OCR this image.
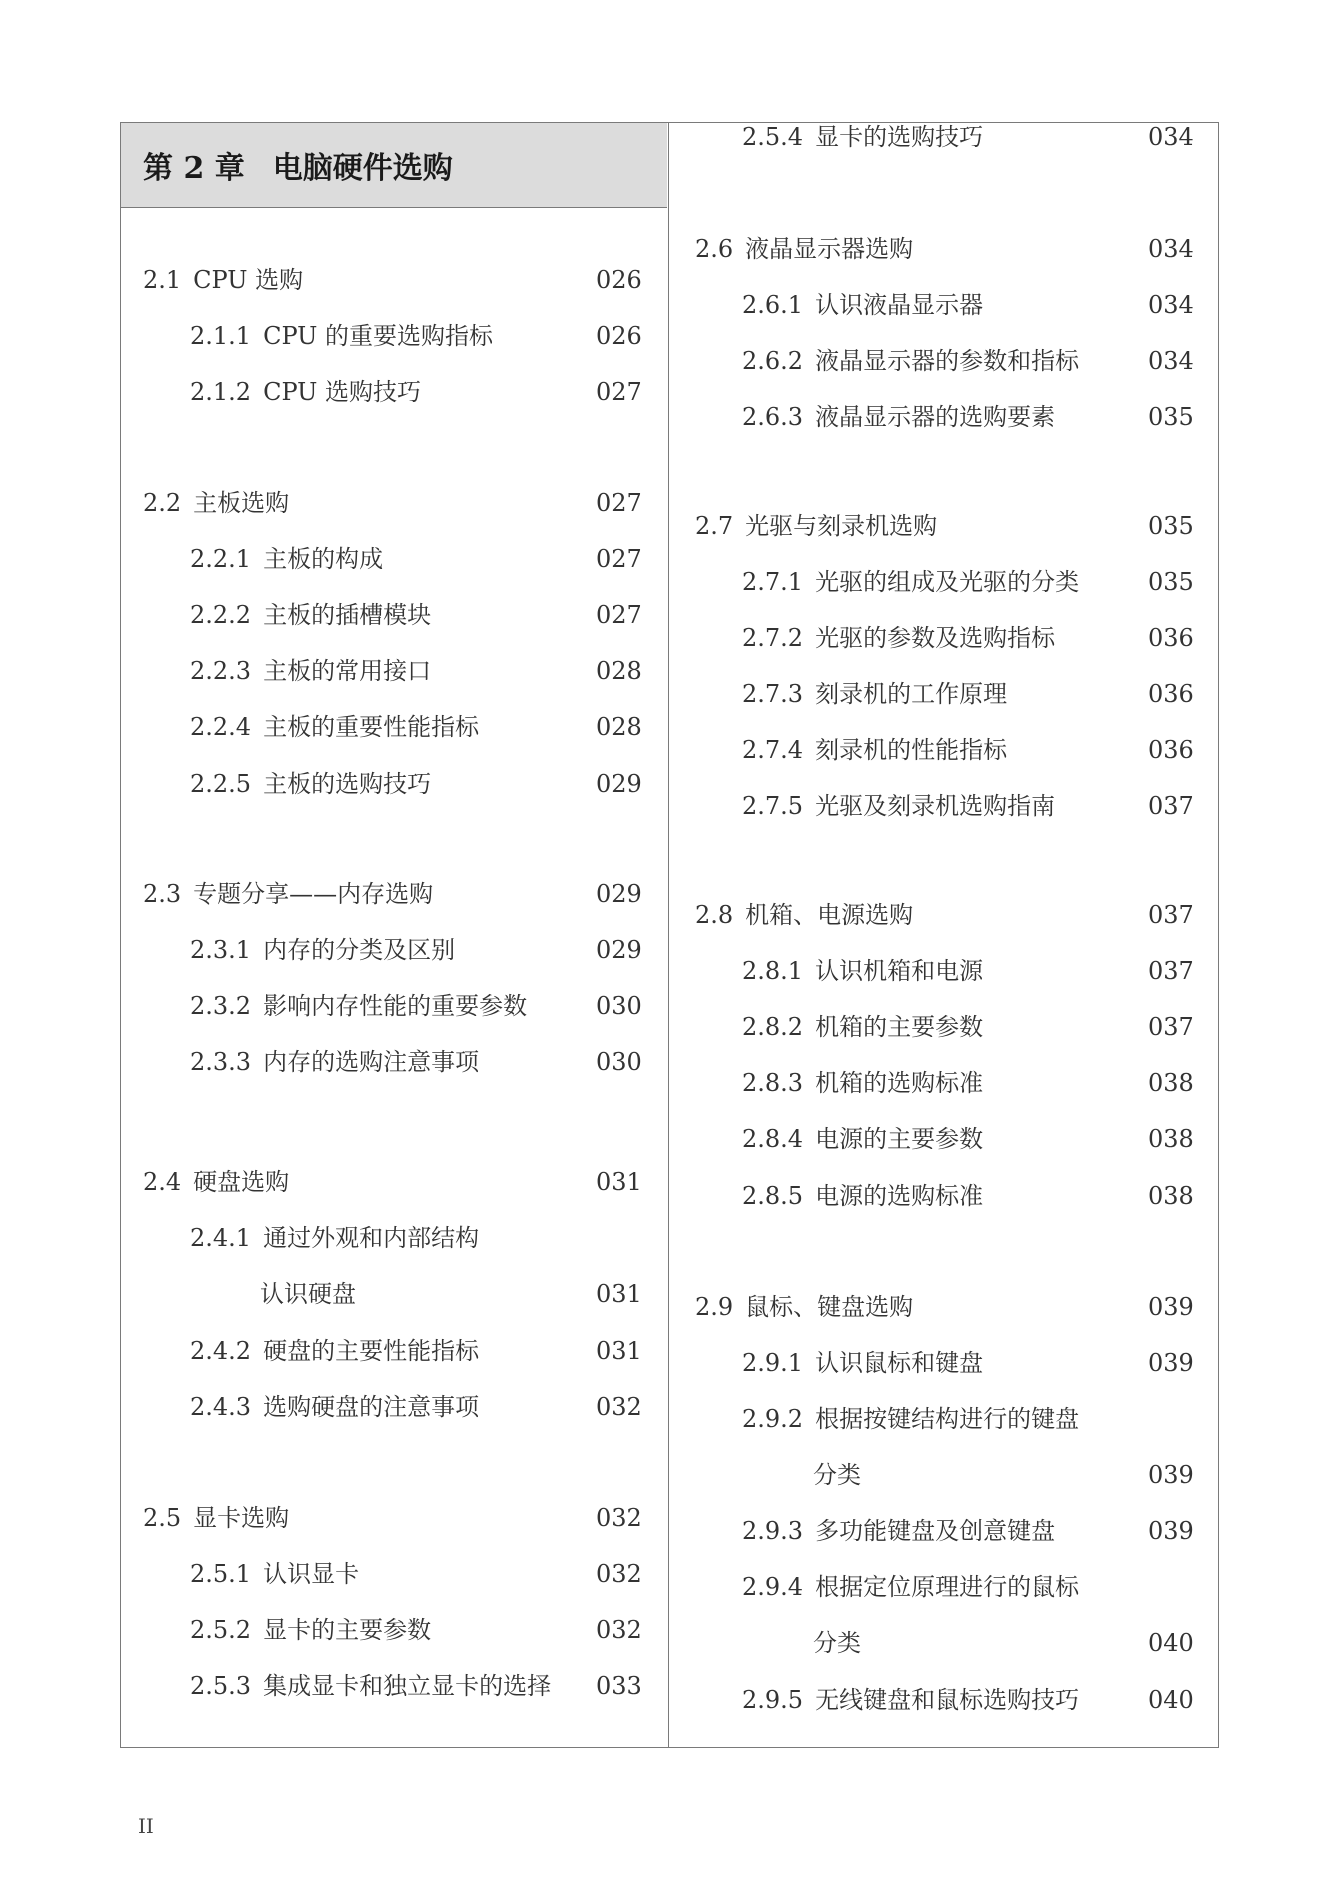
第 2 章 电脑硬件选购
2.1 CPU 选购	026
2.1.1 CPU 的重要选购指标	026
2.1.2 CPU 选购技巧	027
2.2 主板选购	027
2.2.1 主板的构成	027
2.2.2 主板的插槽模块	027
2.2.3 主板的常用接口	028
2.2.4 主板的重要性能指标	028
2.2.5 主板的选购技巧	029
2.3 专题分享——内存选购	029
2.3.1 内存的分类及区别	029
2.3.2 影响内存性能的重要参数	030
2.3.3 内存的选购注意事项	030
2.4 硬盘选购	031
2.4.1 通过外观和内部结构
认识硬盘	031
2.4.2 硬盘的主要性能指标	031
2.4.3 选购硬盘的注意事项	032
2.5 显卡选购	032
2.5.1 认识显卡	032
2.5.2 显卡的主要参数	032
2.5.3 集成显卡和独立显卡的选择 033
2.5.4 显卡的选购技巧	034
2.6 液晶显示器选购	034
2.6.1 认识液晶显示器	034
2.6.2 液晶显示器的参数和指标	034
2.6.3 液晶显示器的选购要素	035
2.7 光驱与刻录机选购	035
2.7.1 光驱的组成及光驱的分类	035
2.7.2 光驱的参数及选购指标	036
2.7.3 刻录机的工作原理	036
2.7.4 刻录机的性能指标	036
2.7.5 光驱及刻录机选购指南	037
2.8 机箱、电源选购	037
2.8.1 认识机箱和电源	037
2.8.2 机箱的主要参数	037
2.8.3 机箱的选购标准	038
2.8.4 电源的主要参数	038
2.8.5 电源的选购标准	038
2.9 鼠标、键盘选购	039
2.9.1 认识鼠标和键盘	039
2.9.2 根据按键结构进行的键盘
分类	039
2.9.3 多功能键盘及创意键盘	039
2.9.4 根据定位原理进行的鼠标
分类	040
2.9.5 无线键盘和鼠标选购技巧	040
II
